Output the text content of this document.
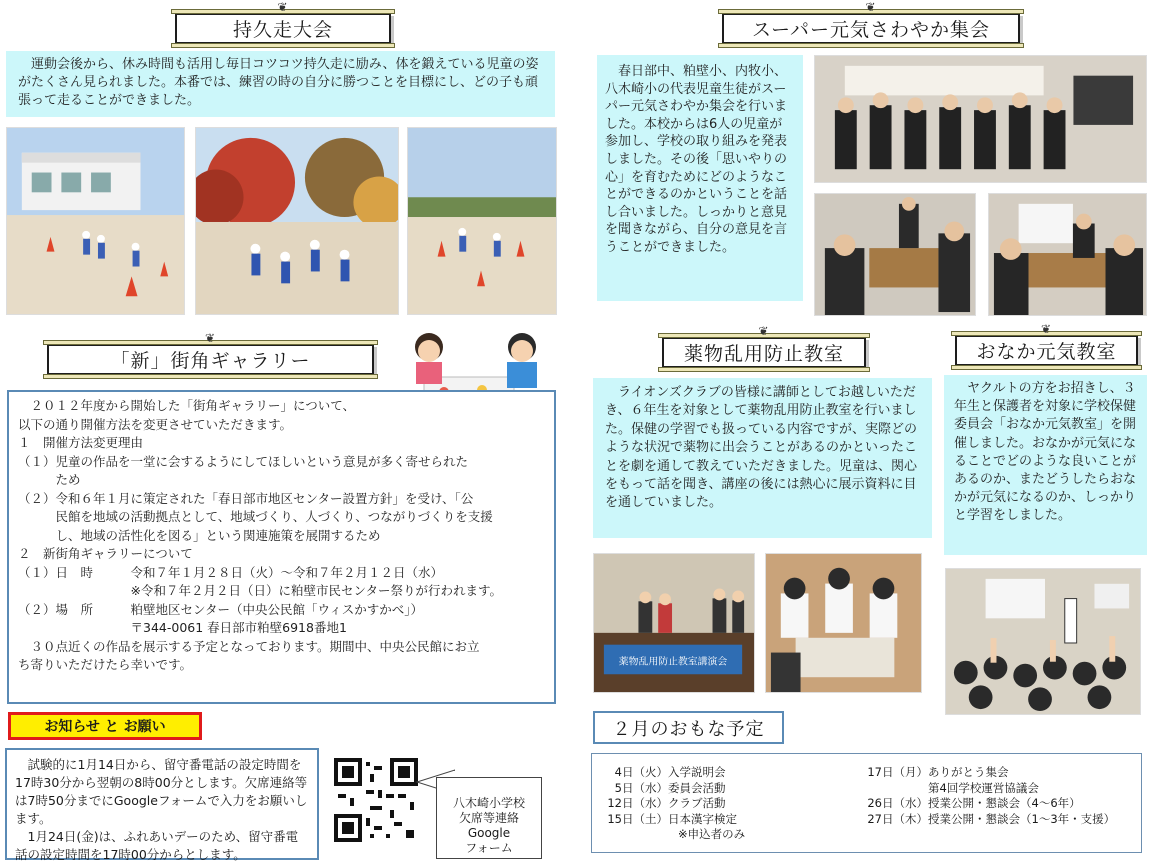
❦
持久走大会
運動会後から、休み時間も活用し毎日コツコツ持久走に励み、体を鍛えている児童の姿がたくさん見られました。本番では、練習の時の自分に勝つことを目標にし、どの子も頑張って走ることができました。
❦
スーパー元気さわやか集会
春日部中、粕壁小、内牧小、八木崎小の代表児童生徒がスーパー元気さわやか集会を行いました。本校からは6人の児童が参加し、学校の取り組みを発表しました。その後「思いやりの心」を育むためにどのようなことができるのかということを話し合いました。しっかりと意見を聞きながら、自分の意見を言うことができました。
❦
「新」街角ギャラリー
　２０１２年度から開始した「街角ギャラリー」について、
以下の通り開催方法を変更させていただきます。
１　開催方法変更理由
（１）児童の作品を一堂に会するようにしてほしいという意見が多く寄せられた
　　　ため
（２）令和６年１月に策定された「春日部市地区センター設置方針」を受け、「公
　　　民館を地域の活動拠点として、地域づくり、人づくり、つながりづくりを支援
　　　し、地域の活性化を図る」という関連施策を展開するため
２　新街角ギャラリーについて
（１）日　時　　　令和７年１月２８日（火）～令和７年２月１２日（水）
　　　　　　　　　※令和７年２月２日（日）に粕壁市民センター祭りが行われます。
（２）場　所　　　粕壁地区センター（中央公民館「ウィスかすかべ」）
　　　　　　　　　〒344-0061 春日部市粕壁6918番地1
　３０点近くの作品を展示する予定となっております。期間中、中央公民館にお立
ち寄りいただけたら幸いです。
❦
薬物乱用防止教室
ライオンズクラブの皆様に講師としてお越しいただき、６年生を対象として薬物乱用防止教室を行いました。保健の学習でも扱っている内容ですが、実際どのような状況で薬物に出会うことがあるのかといったことを劇を通して教えていただきました。児童は、関心をもって話を聞き、講座の後には熱心に展示資料に目を通していました。
薬物乱用防止教室講演会
❦
おなか元気教室
ヤクルトの方をお招きし、３年生と保護者を対象に学校保健委員会「おなか元気教室」を開催しました。おなかが元気になることでどのような良いことがあるのか、またどうしたらおなかが元気になるのか、しっかりと学習をしました。
お知らせ と お願い
試験的に1月14日から、留守番電話の設定時間を17時30分から翌朝の8時00分とします。欠席連絡等は7時50分までにGoogleフォームで入力をお願いします。
1月24日(金)は、ふれあいデーのため、留守番電話の設定時間を17時00分からとします。
八木崎小学校
欠席等連絡
Google
フォーム
２月のおもな予定
4日（火） 入学説明会
5日（水） 委員会活動
12日（水） クラブ活動
15日（土） 日本漢字検定
※申込者のみ
17日（月） ありがとう集会
第4回学校運営協議会
26日（水） 授業公開・懇談会（4～6年）
27日（木） 授業公開・懇談会（1～3年・支援）
